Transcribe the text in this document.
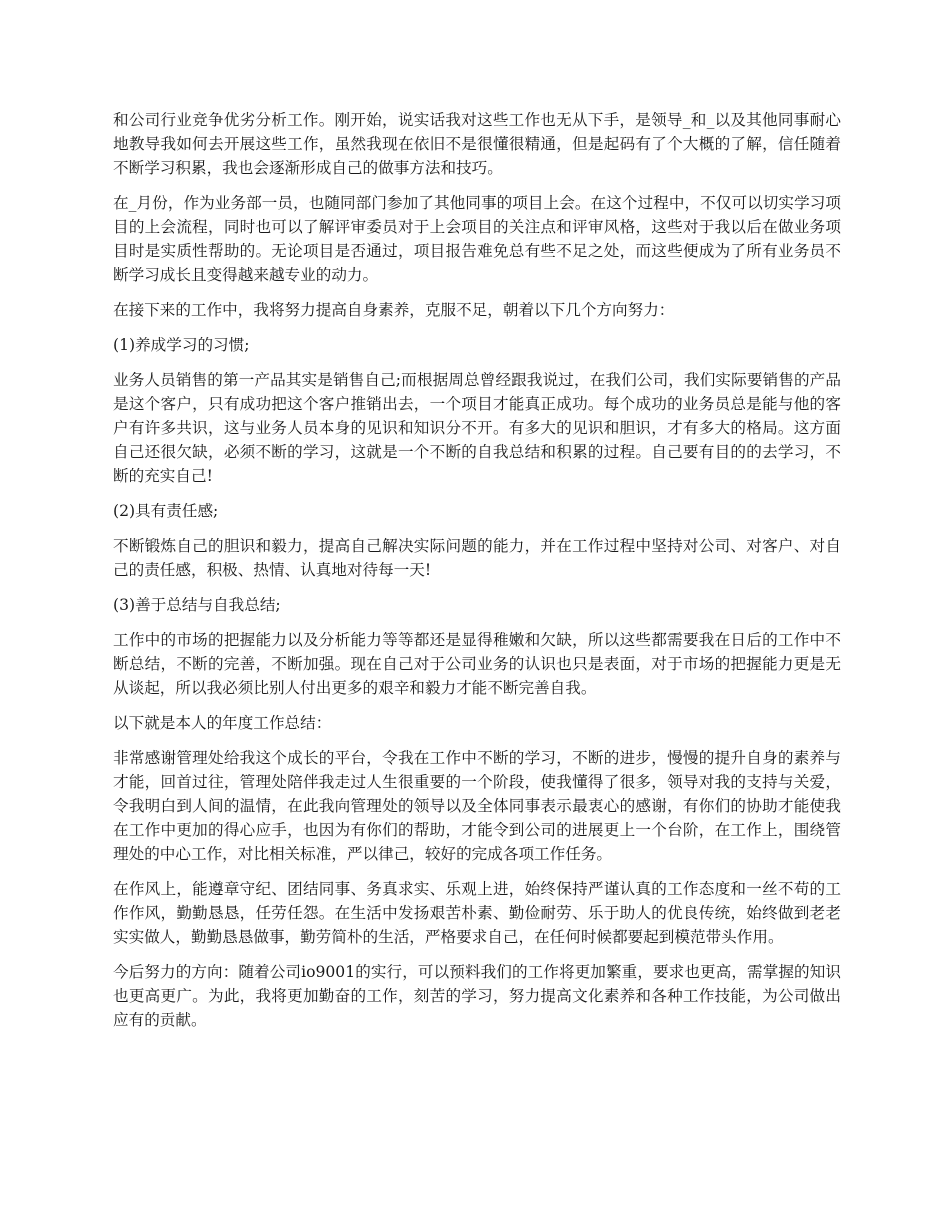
和公司行业竞争优劣分析工作。刚开始，说实话我对这些工作也无从下手，是领导_和_以及其他同事耐心地教导我如何去开展这些工作，虽然我现在依旧不是很懂很精通，但是起码有了个大概的了解，信任随着不断学习积累，我也会逐渐形成自己的做事方法和技巧。

在_月份，作为业务部一员，也随同部门参加了其他同事的项目上会。在这个过程中，不仅可以切实学习项目的上会流程，同时也可以了解评审委员对于上会项目的关注点和评审风格，这些对于我以后在做业务项目时是实质性帮助的。无论项目是否通过，项目报告难免总有些不足之处，而这些便成为了所有业务员不断学习成长且变得越来越专业的动力。

在接下来的工作中，我将努力提高自身素养，克服不足，朝着以下几个方向努力：

(1)养成学习的习惯;

业务人员销售的第一产品其实是销售自己;而根据周总曾经跟我说过，在我们公司，我们实际要销售的产品是这个客户，只有成功把这个客户推销出去，一个项目才能真正成功。每个成功的业务员总是能与他的客户有许多共识，这与业务人员本身的见识和知识分不开。有多大的见识和胆识，才有多大的格局。这方面自己还很欠缺，必须不断的学习，这就是一个不断的自我总结和积累的过程。自己要有目的的去学习，不断的充实自己!

(2)具有责任感;

不断锻炼自己的胆识和毅力，提高自己解决实际问题的能力，并在工作过程中坚持对公司、对客户、对自己的责任感，积极、热情、认真地对待每一天!

(3)善于总结与自我总结;

工作中的市场的把握能力以及分析能力等等都还是显得稚嫩和欠缺，所以这些都需要我在日后的工作中不断总结，不断的完善，不断加强。现在自己对于公司业务的认识也只是表面，对于市场的把握能力更是无从谈起，所以我必须比别人付出更多的艰辛和毅力才能不断完善自我。

以下就是本人的年度工作总结：

非常感谢管理处给我这个成长的平台，令我在工作中不断的学习，不断的进步，慢慢的提升自身的素养与才能，回首过往，管理处陪伴我走过人生很重要的一个阶段，使我懂得了很多，领导对我的支持与关爱，令我明白到人间的温情，在此我向管理处的领导以及全体同事表示最衷心的感谢，有你们的协助才能使我在工作中更加的得心应手，也因为有你们的帮助，才能令到公司的进展更上一个台阶，在工作上，围绕管理处的中心工作，对比相关标准，严以律己，较好的完成各项工作任务。

在作风上，能遵章守纪、团结同事、务真求实、乐观上进，始终保持严谨认真的工作态度和一丝不苟的工作作风，勤勤恳恳，任劳任怨。在生活中发扬艰苦朴素、勤俭耐劳、乐于助人的优良传统，始终做到老老实实做人，勤勤恳恳做事，勤劳简朴的生活，严格要求自己，在任何时候都要起到模范带头作用。

今后努力的方向：随着公司io9001的实行，可以预料我们的工作将更加繁重，要求也更高，需掌握的知识也更高更广。为此，我将更加勤奋的工作，刻苦的学习，努力提高文化素养和各种工作技能，为公司做出应有的贡献。
